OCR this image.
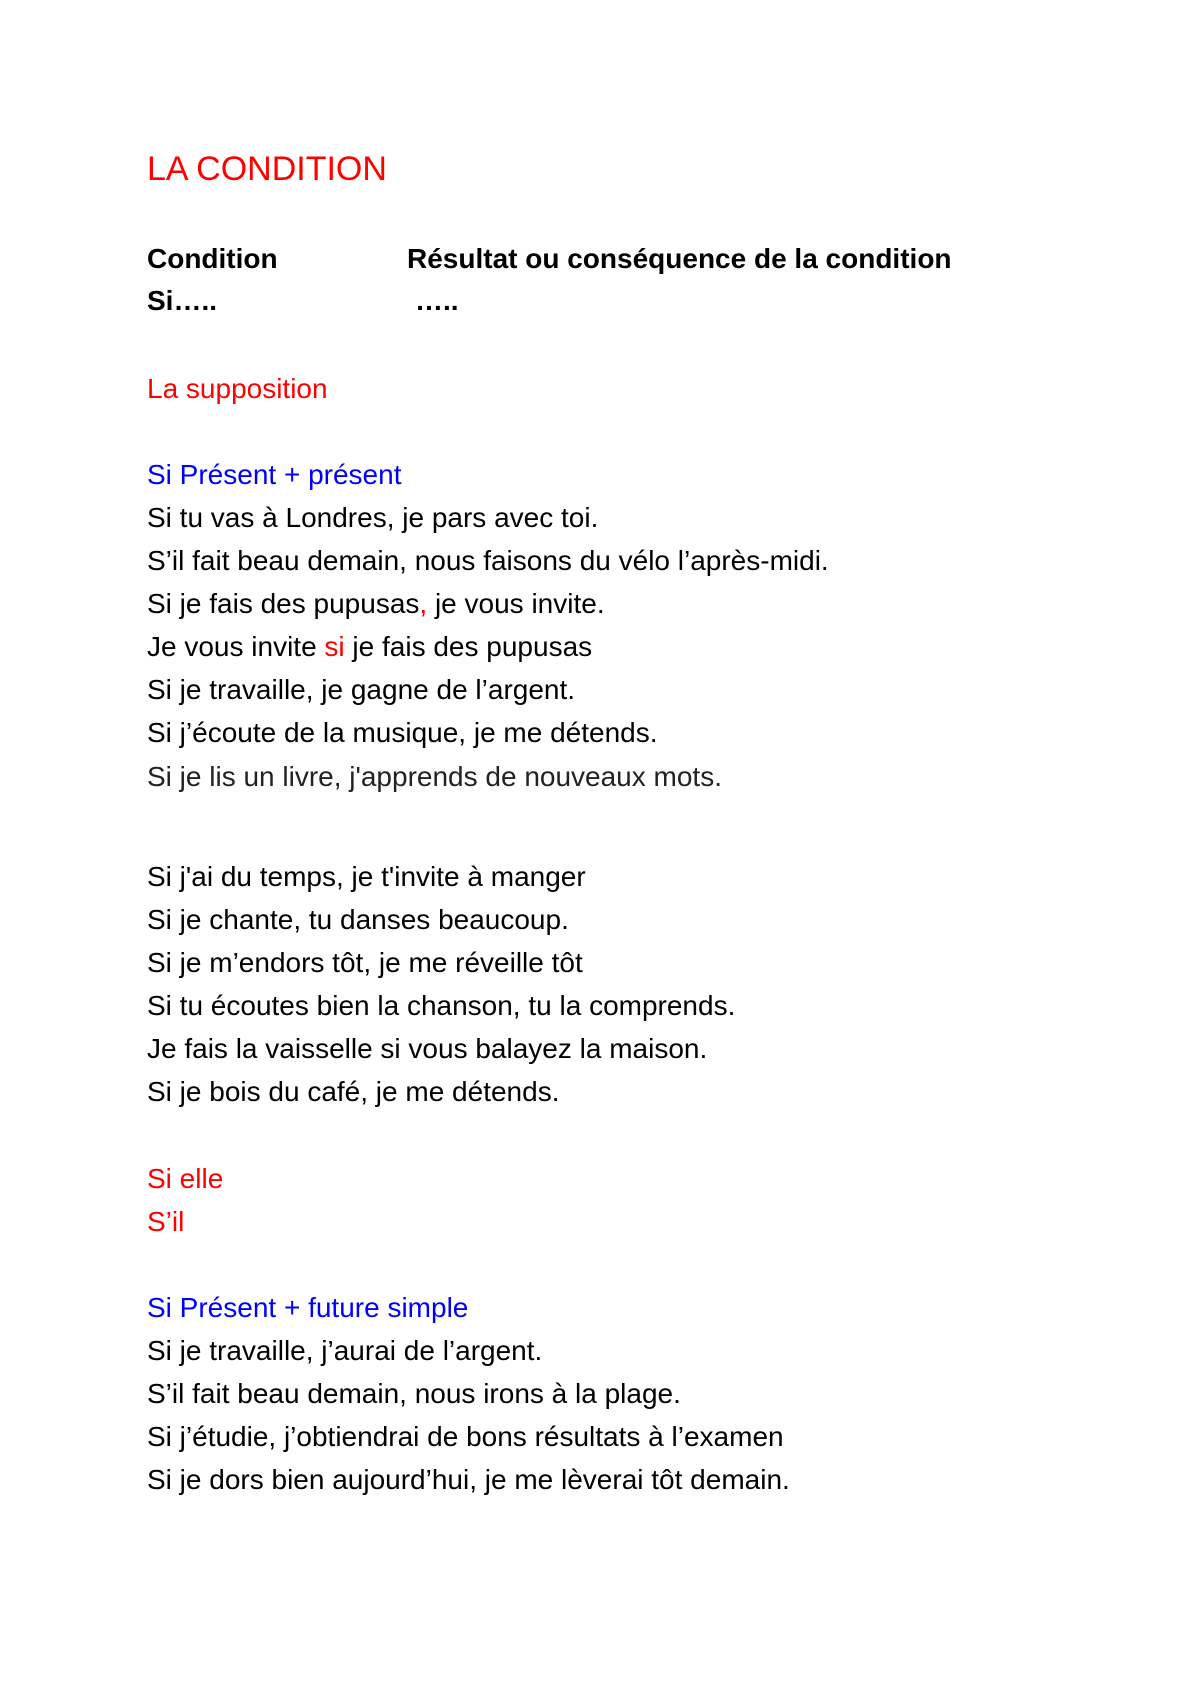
LA CONDITION
Condition	Résultat ou conséquence de la condition
Si…..	…..
La supposition
Si Présent + présent
Si tu vas à Londres, je pars avec toi.
S’il fait beau demain, nous faisons du vélo l’après-midi.
Si je fais des pupusas, je vous invite.
Je vous invite si je fais des pupusas
Si je travaille, je gagne de l’argent.
Si j’écoute de la musique, je me détends.
Si je lis un livre, j'apprends de nouveaux mots.
Si j'ai du temps, je t'invite à manger
Si je chante, tu danses beaucoup.
Si je m’endors tôt, je me réveille tôt
Si tu écoutes bien la chanson, tu la comprends.
Je fais la vaisselle si vous balayez la maison.
Si je bois du café, je me détends.
Si elle
S’il
Si Présent + future simple
Si je travaille, j’aurai de l’argent.
S’il fait beau demain, nous irons à la plage.
Si j’étudie, j’obtiendrai de bons résultats à l’examen
Si je dors bien aujourd’hui, je me lèverai tôt demain.
